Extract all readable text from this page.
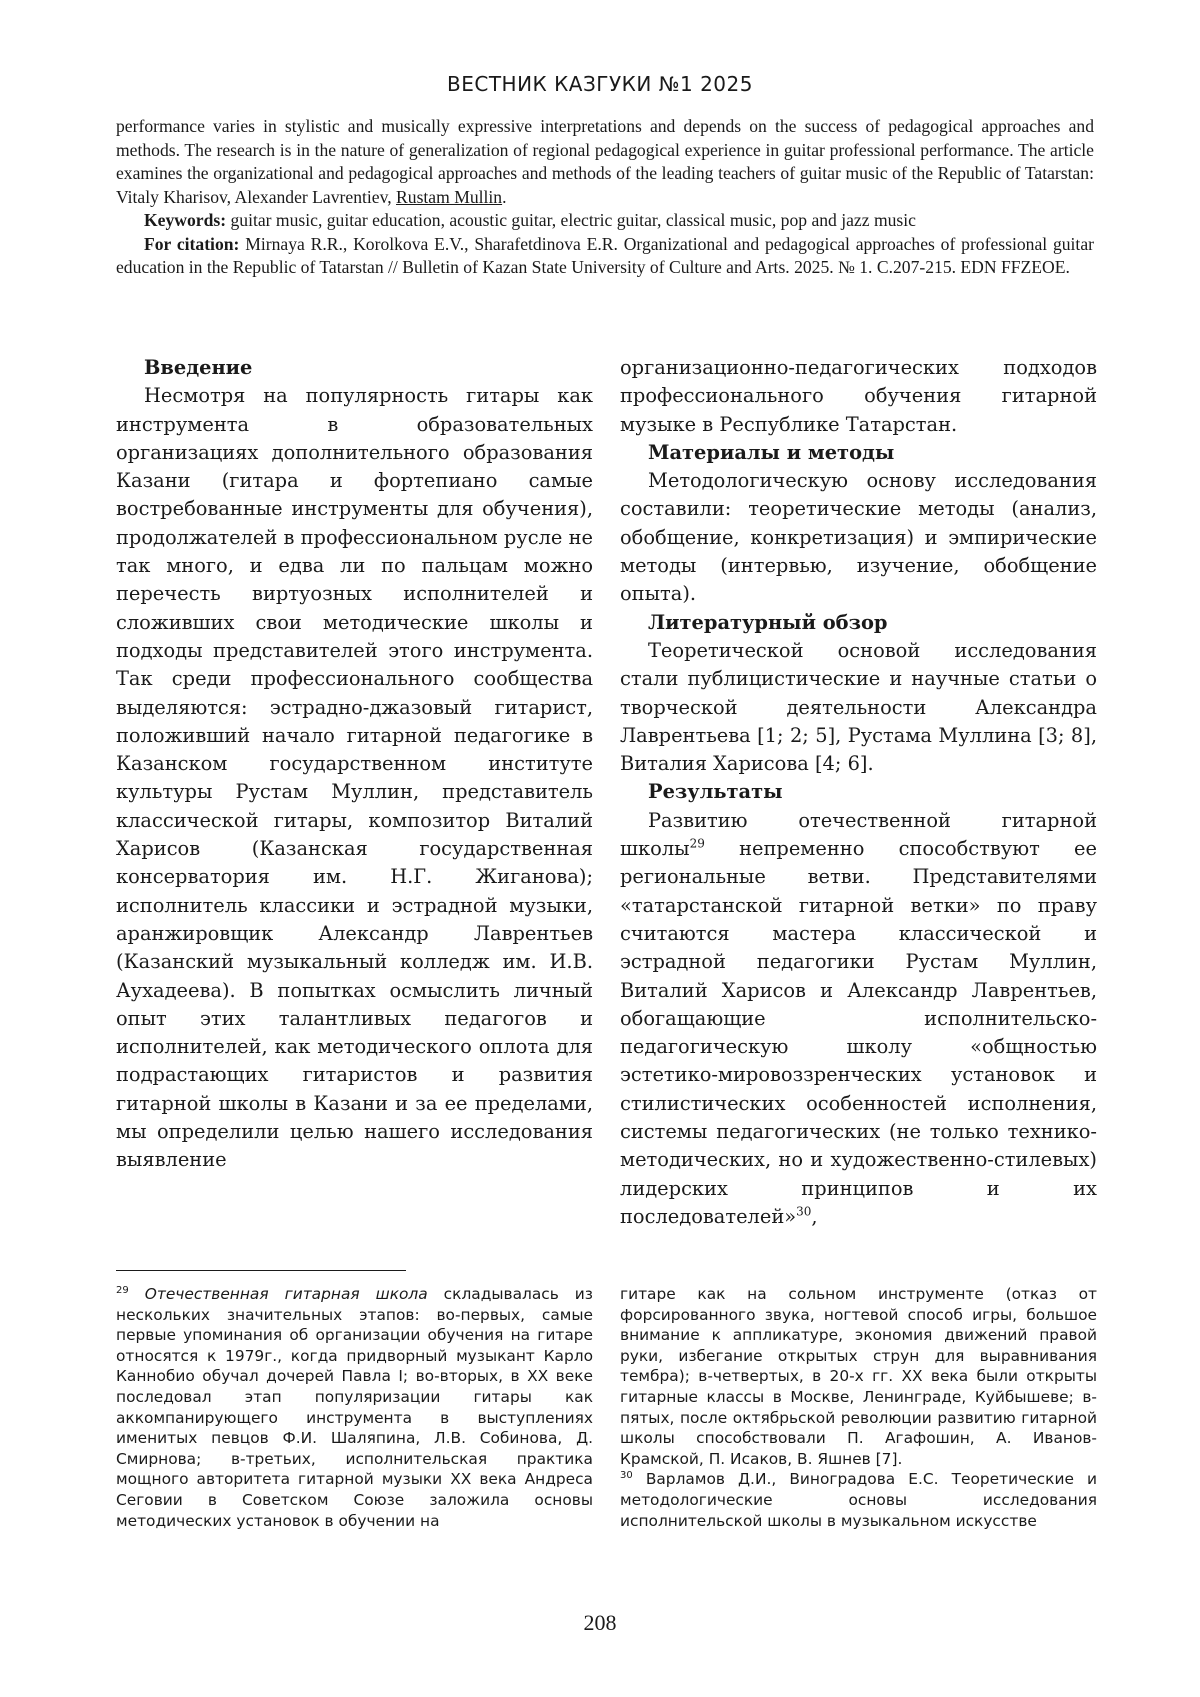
ВЕСТНИК КАЗГУКИ №1 2025

performance varies in stylistic and musically expressive interpretations and depends on the success of pedagogical approaches and methods. The research is in the nature of generalization of regional pedagogical experience in guitar professional performance. The article examines the organizational and pedagogical approaches and methods of the leading teachers of guitar music of the Republic of Tatarstan: Vitaly Kharisov, Alexander Lavrentiev, Rustam Mullin.

Keywords: guitar music, guitar education, acoustic guitar, electric guitar, classical music, pop and jazz music

For citation: Mirnaya R.R., Korolkova E.V., Sharafetdinova E.R. Organizational and pedagogical approaches of professional guitar education in the Republic of Tatarstan // Bulletin of Kazan State University of Culture and Arts. 2025. № 1. С.207-215. EDN FFZEOE.

Введение

Несмотря на популярность гитары как инструмента в образовательных организациях дополнительного образования Казани (гитара и фортепиано самые востребованные инструменты для обучения), продолжателей в профессиональном русле не так много, и едва ли по пальцам можно перечесть виртуозных исполнителей и сложивших свои методические школы и подходы представителей этого инструмента. Так среди профессионального сообщества выделяются: эстрадно-джазовый гитарист, положивший начало гитарной педагогике в Казанском государственном институте культуры Рустам Муллин, представитель классической гитары, композитор Виталий Харисов (Казанская государственная консерватория им. Н.Г. Жиганова); исполнитель классики и эстрадной музыки, аранжировщик Александр Лаврентьев (Казанский музыкальный колледж им. И.В. Аухадеева). В попытках осмыслить личный опыт этих талантливых педагогов и исполнителей, как методического оплота для подрастающих гитаристов и развития гитарной школы в Казани и за ее пределами, мы определили целью нашего исследования выявление

организационно-педагогических подходов профессионального обучения гитарной музыке в Республике Татарстан.

Материалы и методы

Методологическую основу исследования составили: теоретические методы (анализ, обобщение, конкретизация) и эмпирические методы (интервью, изучение, обобщение опыта).

Литературный обзор

Теоретической основой исследования стали публицистические и научные статьи о творческой деятельности Александра Лаврентьева [1; 2; 5], Рустама Муллина [3; 8], Виталия Харисова [4; 6].

Результаты

Развитию отечественной гитарной школы$^{29}$ непременно способствуют ее региональные ветви. Представителями «татарстанской гитарной ветки» по праву считаются мастера классической и эстрадной педагогики Рустам Муллин, Виталий Харисов и Александр Лаврентьев, обогащающие исполнительско-педагогическую школу «общностью эстетико-мировоззренческих установок и стилистических особенностей исполнения, системы педагогических (не только технико-методических, но и художественно-стилевых) лидерских принципов и их последователей»$^{30}$,

$^{29}$ Отечественная гитарная школа складывалась из нескольких значительных этапов: во-первых, самые первые упоминания об организации обучения на гитаре относятся к 1979г., когда придворный музыкант Карло Каннобио обучал дочерей Павла I; во-вторых, в XX веке последовал этап популяризации гитары как аккомпанирующего инструмента в выступлениях именитых певцов Ф.И. Шаляпина, Л.В. Собинова, Д. Смирнова; в-третьих, исполнительская практика мощного авторитета гитарной музыки XX века Андреса Сеговии в Советском Союзе заложила основы методических установок в обучении на

гитаре как на сольном инструменте (отказ от форсированного звука, ногтевой способ игры, большое внимание к аппликатуре, экономия движений правой руки, избегание открытых струн для выравнивания тембра); в-четвертых, в 20-х гг. XX века были открыты гитарные классы в Москве, Ленинграде, Куйбышеве; в-пятых, после октябрьской революции развитию гитарной школы способствовали П. Агафошин, А. Иванов-Крамской, П. Исаков, В. Яшнев [7].

$^{30}$ Варламов Д.И., Виноградова Е.С. Теоретические и методологические основы исследования исполнительской школы в музыкальном искусстве

208
